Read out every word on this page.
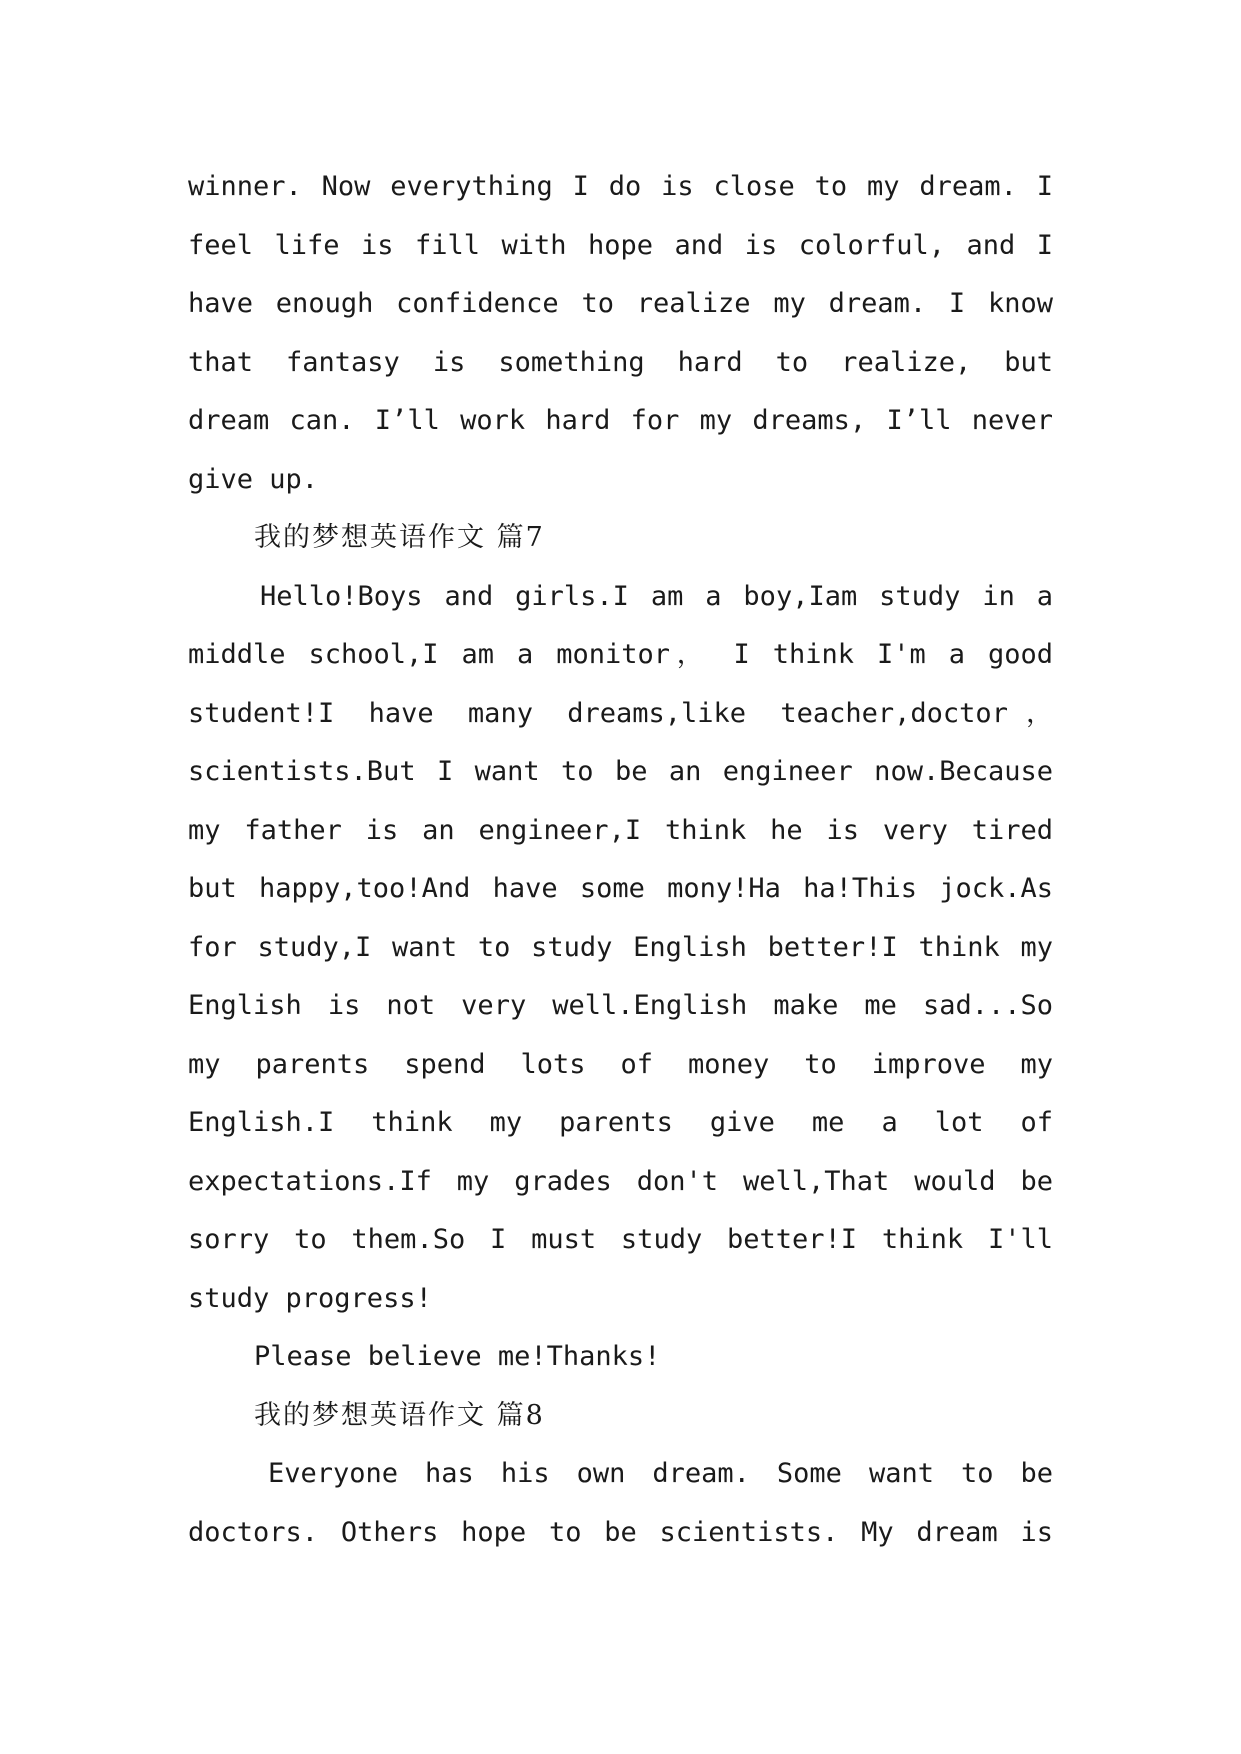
winner. Now everything I do is close to my dream. I
feel life is fill with hope and is colorful, and I
have enough confidence to realize my dream. I know
that fantasy is something hard to realize, but
dream can. I’ll work hard for my dreams, I’ll never
give up.
我的梦想英语作文 篇7
Hello!Boys and girls.I am a boy,Iam study in a
middle school,I am a monitor， I think I'm a good
student!I have many dreams,like teacher,doctor，
scientists.But I want to be an engineer now.Because
my father is an engineer,I think he is very tired
but happy,too!And have some mony!Ha ha!This jock.As
for study,I want to study English better!I think my
English is not very well.English make me sad...So
my parents spend lots of money to improve my
English.I think my parents give me a lot of
expectations.If my grades don't well,That would be
sorry to them.So I must study better!I think I'll
study progress!
Please believe me!Thanks!
我的梦想英语作文 篇8
Everyone has his own dream. Some want to be
doctors. Others hope to be scientists. My dream is
